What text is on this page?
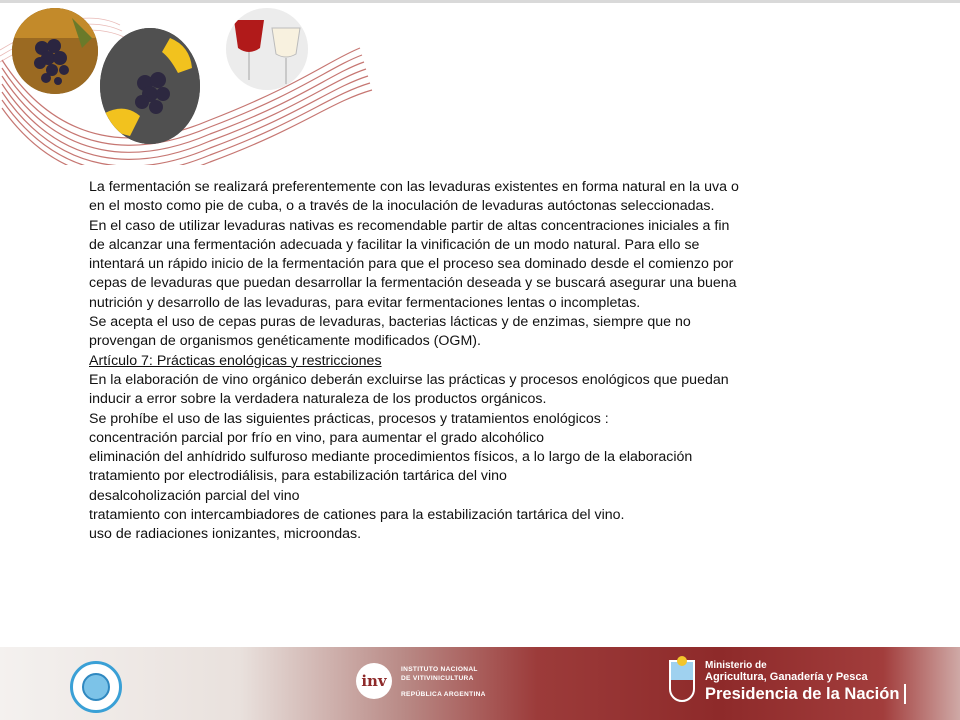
La fermentación se realizará preferentemente con las levaduras existentes en forma natural en la uva o en el mosto como pie de cuba, o a través de la inoculación de levaduras autóctonas seleccionadas.

En el caso de utilizar levaduras nativas es recomendable partir de altas concentraciones iniciales a fin de alcanzar una fermentación adecuada y facilitar la vinificación de un modo natural. Para ello se intentará un rápido inicio de la fermentación para que el proceso sea dominado desde el comienzo por cepas de levaduras que puedan desarrollar la fermentación deseada y se buscará asegurar una buena nutrición y desarrollo de las levaduras, para evitar fermentaciones lentas o incompletas.

Se acepta el uso de cepas puras de levaduras, bacterias lácticas y de enzimas, siempre que no provengan de organismos genéticamente modificados (OGM).

Artículo 7: Prácticas enológicas y restricciones

En la elaboración de vino orgánico deberán excluirse las prácticas y procesos enológicos que puedan inducir a error sobre la verdadera naturaleza de los productos orgánicos.

Se prohíbe el uso de las siguientes prácticas, procesos y tratamientos enológicos :

concentración parcial por frío en vino, para aumentar el grado alcohólico

eliminación del anhídrido sulfuroso mediante procedimientos físicos, a lo largo de la elaboración

tratamiento por electrodiálisis, para estabilización tartárica del vino

desalcoholización parcial del vino

tratamiento con intercambiadores de cationes para la estabilización tartárica del vino.

uso de radiaciones ionizantes, microondas.

inv
INSTITUTO NACIONAL
DE VITIVINICULTURA
REPÚBLICA ARGENTINA
Ministerio de
Agricultura, Ganadería y Pesca
Presidencia de la Nación
